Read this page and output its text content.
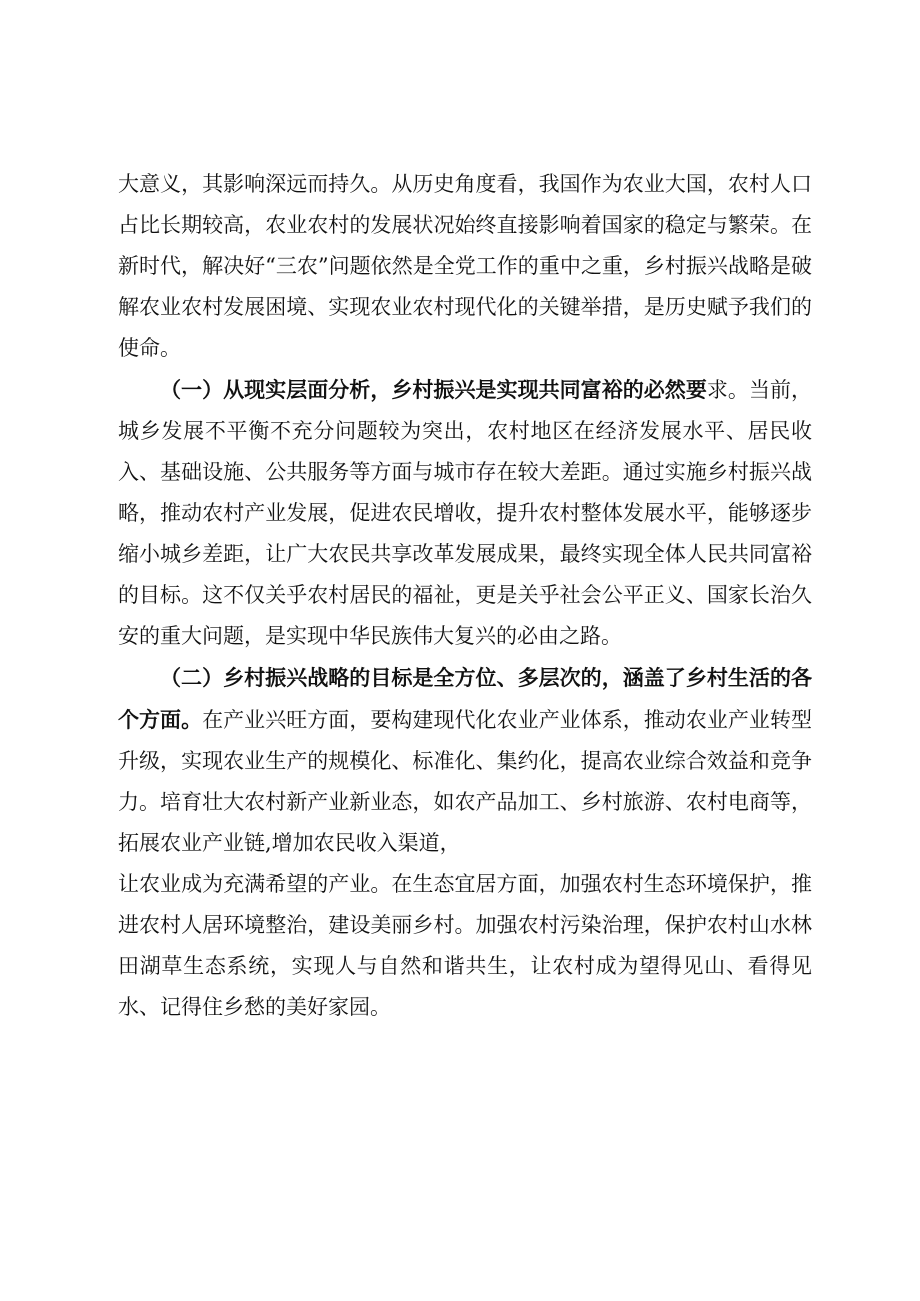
大意义，其影响深远而持久。从历史角度看，我国作为农业大国，农村人口占比长期较高，农业农村的发展状况始终直接影响着国家的稳定与繁荣。在新时代，解决好“三农”问题依然是全党工作的重中之重，乡村振兴战略是破解农业农村发展困境、实现农业农村现代化的关键举措，是历史赋予我们的使命。

（一）从现实层面分析，乡村振兴是实现共同富裕的必然要求。当前，城乡发展不平衡不充分问题较为突出，农村地区在经济发展水平、居民收入、基础设施、公共服务等方面与城市存在较大差距。通过实施乡村振兴战略，推动农村产业发展，促进农民增收，提升农村整体发展水平，能够逐步缩小城乡差距，让广大农民共享改革发展成果，最终实现全体人民共同富裕的目标。这不仅关乎农村居民的福祉，更是关乎社会公平正义、国家长治久安的重大问题，是实现中华民族伟大复兴的必由之路。

（二）乡村振兴战略的目标是全方位、多层次的，涵盖了乡村生活的各个方面。在产业兴旺方面，要构建现代化农业产业体系，推动农业产业转型升级，实现农业生产的规模化、标准化、集约化，提高农业综合效益和竞争力。培育壮大农村新产业新业态，如农产品加工、乡村旅游、农村电商等，拓展农业产业链,增加农民收入渠道，

让农业成为充满希望的产业。在生态宜居方面，加强农村生态环境保护，推进农村人居环境整治，建设美丽乡村。加强农村污染治理，保护农村山水林田湖草生态系统，实现人与自然和谐共生，让农村成为望得见山、看得见水、记得住乡愁的美好家园。
